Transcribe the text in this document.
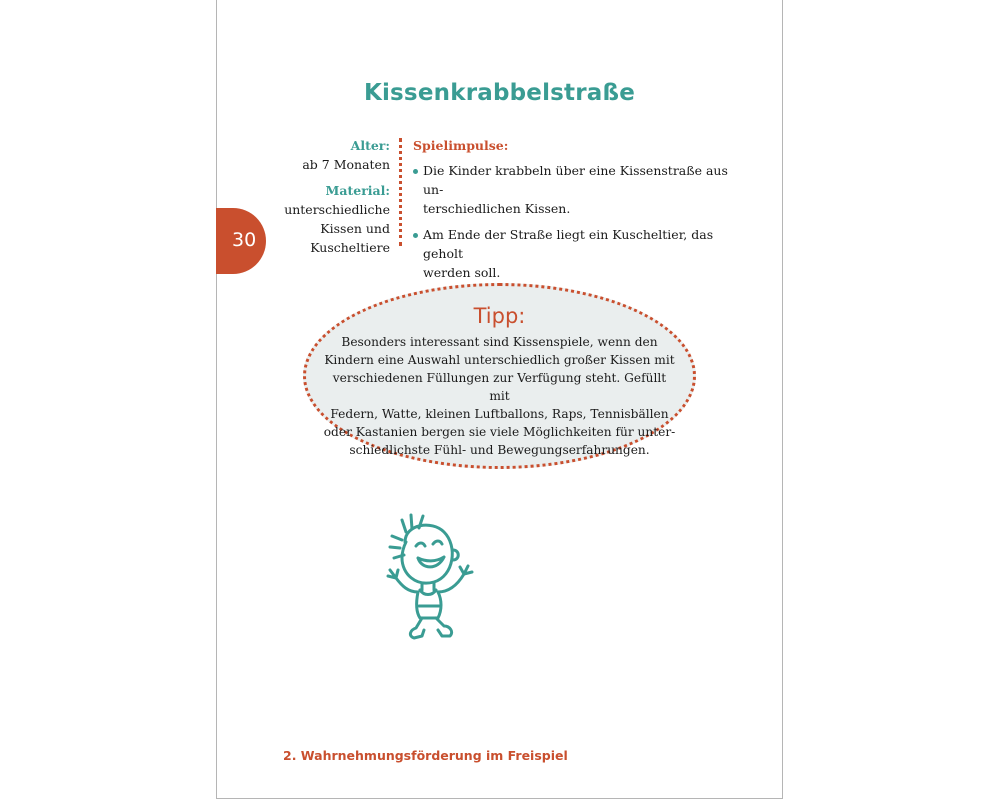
Kissenkrabbelstraße
30
Alter:
ab 7 Monaten
Material:
unterschiedliche
Kissen und
Kuscheltiere
Spielimpulse:
Die Kinder krabbeln über eine Kissenstraße aus un-
terschiedlichen Kissen.
Am Ende der Straße liegt ein Kuscheltier, das geholt
werden soll.
Tipp:
Besonders interessant sind Kissenspiele, wenn den
Kindern eine Auswahl unterschiedlich großer Kissen mit
verschiedenen Füllungen zur Verfügung steht. Gefüllt mit
Federn, Watte, kleinen Luftballons, Raps, Tennisbällen
oder Kastanien bergen sie viele Möglichkeiten für unter-
schiedlichste Fühl- und Bewegungserfahrungen.
2. Wahrnehmungsförderung im Freispiel
